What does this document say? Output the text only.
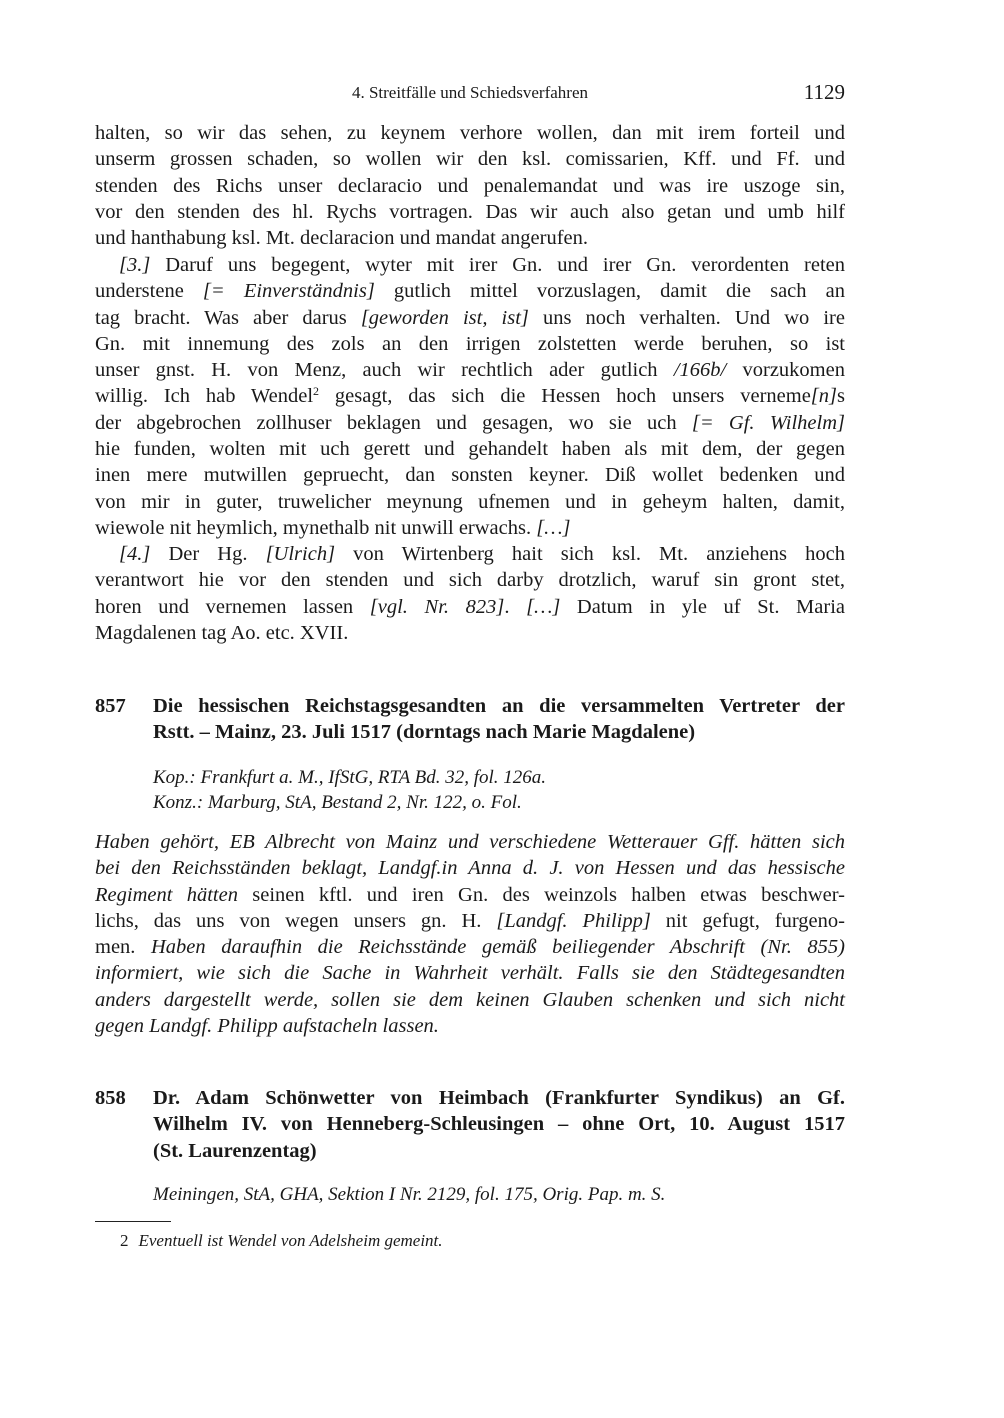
4. Streitfälle und Schiedsverfahren	1129
halten, so wir das sehen, zu keynem verhore wollen, dan mit irem forteil und
unserm grossen schaden, so wollen wir den ksl. comissarien, Kff. und Ff. und
stenden des Richs unser declaracio und penalemandat und was ire uszoge sin,
vor den stenden des hl. Rychs vortragen. Das wir auch also getan und umb hilf
und hanthabung ksl. Mt. declaracion und mandat angerufen.
[3.] Daruf uns begegent, wyter mit irer Gn. und irer Gn. verordenten reten
understene [= Einverständnis] gutlich mittel vorzuslagen, damit die sach an
tag bracht. Was aber darus [geworden ist, ist] uns noch verhalten. Und wo ire
Gn. mit innemung des zols an den irrigen zolstetten werde beruhen, so ist
unser gnst. H. von Menz, auch wir rechtlich ader gutlich /166b/ vorzukomen
willig. Ich hab Wendel$^2$ gesagt, das sich die Hessen hoch unsers verneme[n]s
der abgebrochen zollhuser beklagen und gesagen, wo sie uch [= Gf. Wilhelm]
hie funden, wolten mit uch gerett und gehandelt haben als mit dem, der gegen
inen mere mutwillen gepruecht, dan sonsten keyner. Diß wollet bedenken und
von mir in guter, truwelicher meynung ufnemen und in geheym halten, damit,
wiewole nit heymlich, mynethalb nit unwill erwachs. […]
[4.] Der Hg. [Ulrich] von Wirtenberg hait sich ksl. Mt. anziehens hoch
verantwort hie vor den stenden und sich darby drotzlich, waruf sin gront stet,
horen und vernemen lassen [vgl. Nr. 823]. […] Datum in yle uf St. Maria
Magdalenen tag Ao. etc. XVII.
857 Die hessischen Reichstagsgesandten an die versammelten Vertreter der
Rstt. – Mainz, 23. Juli 1517 (dorntags nach Marie Magdalene)
Kop.: Frankfurt a. M., IfStG, RTA Bd. 32, fol. 126a.
Konz.: Marburg, StA, Bestand 2, Nr. 122, o. Fol.
Haben gehört, EB Albrecht von Mainz und verschiedene Wetterauer Gff. hätten sich
bei den Reichsständen beklagt, Landgf.in Anna d. J. von Hessen und das hessische
Regiment hätten seinen kftl. und iren Gn. des weinzols halben etwas beschwer-
lichs, das uns von wegen unsers gn. H. [Landgf. Philipp] nit gefugt, furgeno-
men. Haben daraufhin die Reichsstände gemäß beiliegender Abschrift (Nr. 855)
informiert, wie sich die Sache in Wahrheit verhält. Falls sie den Städtegesandten
anders dargestellt werde, sollen sie dem keinen Glauben schenken und sich nicht
gegen Landgf. Philipp aufstacheln lassen.
858 Dr. Adam Schönwetter von Heimbach (Frankfurter Syndikus) an Gf.
Wilhelm IV. von Henneberg-Schleusingen – ohne Ort, 10. August 1517
(St. Laurenzentag)
Meiningen, StA, GHA, Sektion I Nr. 2129, fol. 175, Orig. Pap. m. S.
2 Eventuell ist Wendel von Adelsheim gemeint.
